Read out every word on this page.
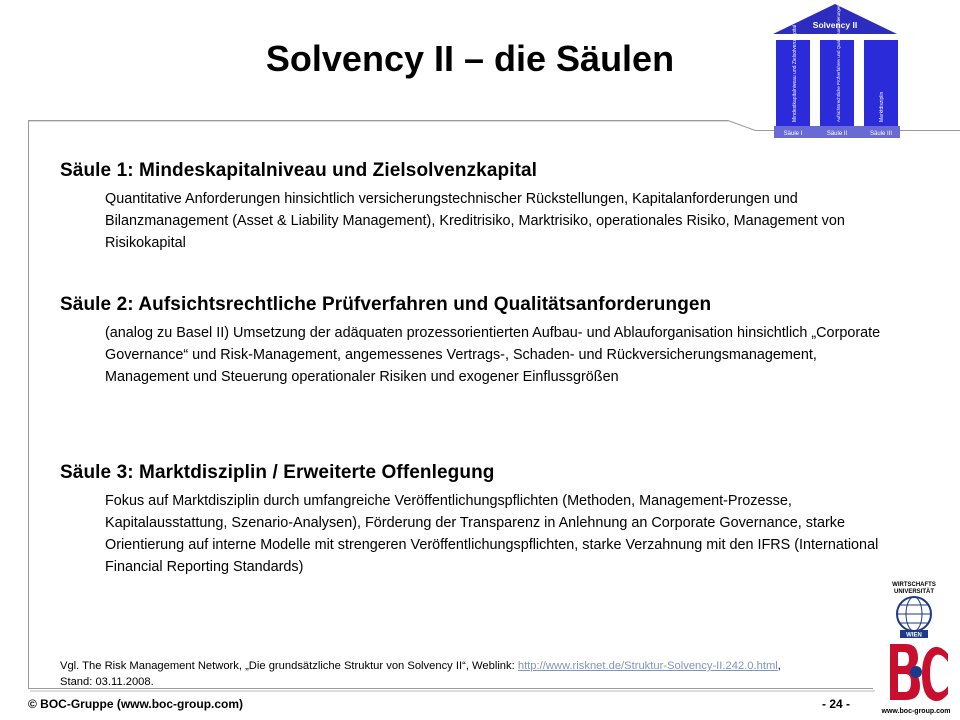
Solvency II – die Säulen
Solvency II
Mindestkapitalniveau und Zielsolvenzkapital	Aufsichtsrechtliche Prüfverfahren und Qualitätsanforderungen	Marktdisziplin
Säule I	Säule II	Säule III
Säule 1: Mindeskapitalniveau und Zielsolvenzkapital

Quantitative Anforderungen hinsichtlich versicherungstechnischer Rückstellungen, Kapitalanforderungen und Bilanzmanagement (Asset & Liability Management), Kreditrisiko, Marktrisiko, operationales Risiko, Management von Risikokapital

Säule 2: Aufsichtsrechtliche Prüfverfahren und Qualitätsanforderungen

(analog zu Basel II) Umsetzung der adäquaten prozessorientierten Aufbau- und Ablauforganisation hinsichtlich „Corporate Governance“ und Risk-Management, angemessenes Vertrags-, Schaden- und Rückversicherungsmanagement, Management und Steuerung operationaler Risiken und exogener Einflussgrößen

Säule 3: Marktdisziplin / Erweiterte Offenlegung

Fokus auf Marktdisziplin durch umfangreiche Veröffentlichungspflichten (Methoden, Management-Prozesse, Kapitalausstattung, Szenario-Analysen), Förderung der Transparenz in Anlehnung an Corporate Governance, starke Orientierung auf interne Modelle mit strengeren Veröffentlichungspflichten, starke Verzahnung mit den IFRS (International Financial Reporting Standards)

Vgl. The Risk Management Network, „Die grundsätzliche Struktur von Solvency II“, Weblink: http://www.risknet.de/Struktur-Solvency-II.242.0.html,
Stand: 03.11.2008.
© BOC-Gruppe (www.boc-group.com)	- 24 -
WIRTSCHAFTS
UNIVERSITÄT
WIEN
www.boc-group.com
